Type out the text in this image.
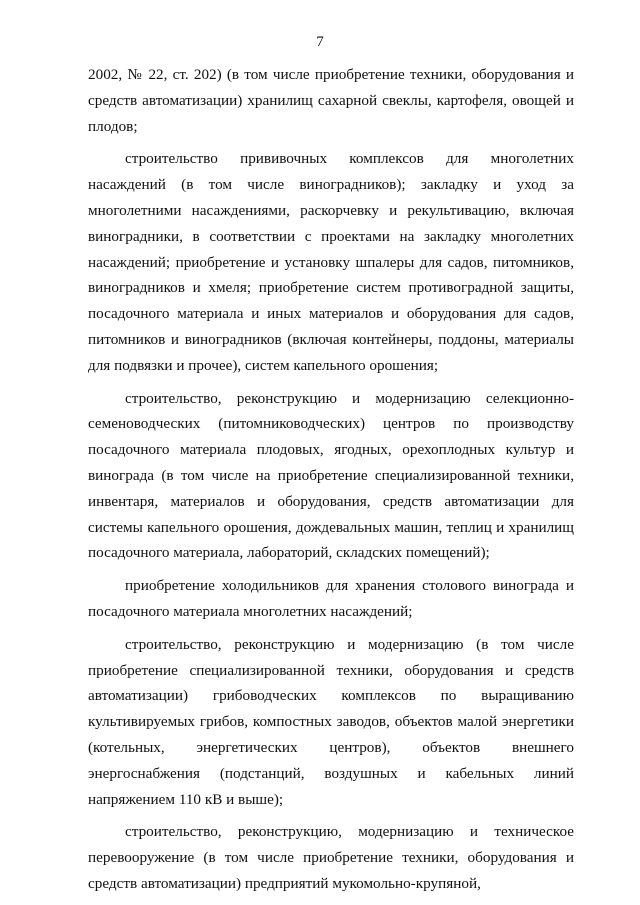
7

2002, № 22, ст. 202) (в том числе приобретение техники, оборудования и средств автоматизации) хранилищ сахарной свеклы, картофеля, овощей и плодов;

строительство прививочных комплексов для многолетних насаждений (в том числе виноградников); закладку и уход за многолетними насаждениями, раскорчевку и рекультивацию, включая виноградники, в соответствии с проектами на закладку многолетних насаждений; приобретение и установку шпалеры для садов, питомников, виноградников и хмеля; приобретение систем противоградной защиты, посадочного материала и иных материалов и оборудования для садов, питомников и виноградников (включая контейнеры, поддоны, материалы для подвязки и прочее), систем капельного орошения;

строительство, реконструкцию и модернизацию селекционно-семеноводческих (питомниководческих) центров по производству посадочного материала плодовых, ягодных, орехоплодных культур и винограда (в том числе на приобретение специализированной техники, инвентаря, материалов и оборудования, средств автоматизации для системы капельного орошения, дождевальных машин, теплиц и хранилищ посадочного материала, лабораторий, складских помещений);

приобретение холодильников для хранения столового винограда и посадочного материала многолетних насаждений;

строительство, реконструкцию и модернизацию (в том числе приобретение специализированной техники, оборудования и средств автоматизации) грибоводческих комплексов по выращиванию культивируемых грибов, компостных заводов, объектов малой энергетики (котельных, энергетических центров), объектов внешнего энергоснабжения (подстанций, воздушных и кабельных линий напряжением 110 кВ и выше);

строительство, реконструкцию, модернизацию и техническое перевооружение (в том числе приобретение техники, оборудования и средств автоматизации) предприятий мукомольно-крупяной,
